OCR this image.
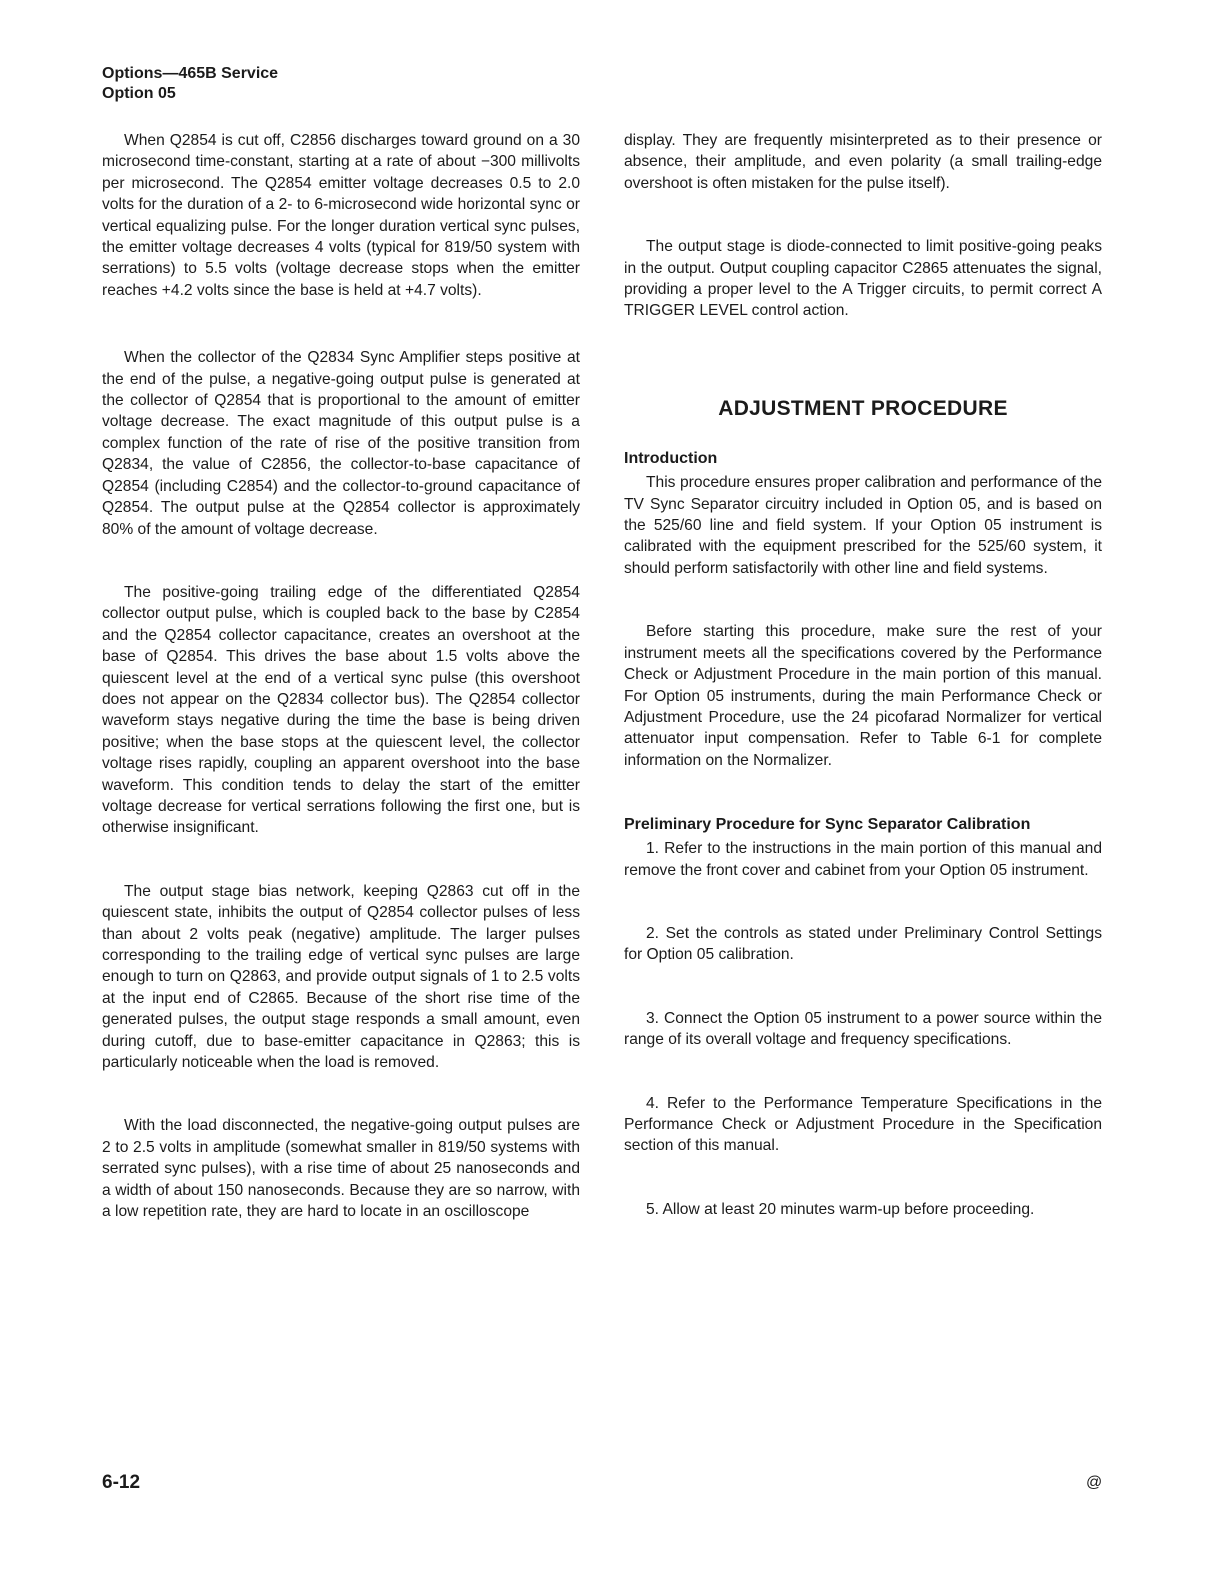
Options—465B Service
Option 05

When Q2854 is cut off, C2856 discharges toward ground on a 30 microsecond time-constant, starting at a rate of about −300 millivolts per microsecond. The Q2854 emitter voltage decreases 0.5 to 2.0 volts for the duration of a 2- to 6-microsecond wide horizontal sync or vertical equalizing pulse. For the longer duration vertical sync pulses, the emitter voltage decreases 4 volts (typical for 819/50 system with serrations) to 5.5 volts (voltage decrease stops when the emitter reaches +4.2 volts since the base is held at +4.7 volts).

When the collector of the Q2834 Sync Amplifier steps positive at the end of the pulse, a negative-going output pulse is generated at the collector of Q2854 that is proportional to the amount of emitter voltage decrease. The exact magnitude of this output pulse is a complex function of the rate of rise of the positive transition from Q2834, the value of C2856, the collector-to-base capacitance of Q2854 (including C2854) and the collector-to-ground capacitance of Q2854. The output pulse at the Q2854 collector is approximately 80% of the amount of voltage decrease.

The positive-going trailing edge of the differentiated Q2854 collector output pulse, which is coupled back to the base by C2854 and the Q2854 collector capacitance, creates an overshoot at the base of Q2854. This drives the base about 1.5 volts above the quiescent level at the end of a vertical sync pulse (this overshoot does not appear on the Q2834 collector bus). The Q2854 collector waveform stays negative during the time the base is being driven positive; when the base stops at the quiescent level, the collector voltage rises rapidly, coupling an apparent overshoot into the base waveform. This condition tends to delay the start of the emitter voltage decrease for vertical serrations following the first one, but is otherwise insignificant.

The output stage bias network, keeping Q2863 cut off in the quiescent state, inhibits the output of Q2854 collector pulses of less than about 2 volts peak (negative) amplitude. The larger pulses corresponding to the trailing edge of vertical sync pulses are large enough to turn on Q2863, and provide output signals of 1 to 2.5 volts at the input end of C2865. Because of the short rise time of the generated pulses, the output stage responds a small amount, even during cutoff, due to base-emitter capacitance in Q2863; this is particularly noticeable when the load is removed.

With the load disconnected, the negative-going output pulses are 2 to 2.5 volts in amplitude (somewhat smaller in 819/50 systems with serrated sync pulses), with a rise time of about 25 nanoseconds and a width of about 150 nanoseconds. Because they are so narrow, with a low repetition rate, they are hard to locate in an oscilloscope

display. They are frequently misinterpreted as to their presence or absence, their amplitude, and even polarity (a small trailing-edge overshoot is often mistaken for the pulse itself).

The output stage is diode-connected to limit positive-going peaks in the output. Output coupling capacitor C2865 attenuates the signal, providing a proper level to the A Trigger circuits, to permit correct A TRIGGER LEVEL control action.

ADJUSTMENT PROCEDURE
Introduction

This procedure ensures proper calibration and performance of the TV Sync Separator circuitry included in Option 05, and is based on the 525/60 line and field system. If your Option 05 instrument is calibrated with the equipment prescribed for the 525/60 system, it should perform satisfactorily with other line and field systems.

Before starting this procedure, make sure the rest of your instrument meets all the specifications covered by the Performance Check or Adjustment Procedure in the main portion of this manual. For Option 05 instruments, during the main Performance Check or Adjustment Procedure, use the 24 picofarad Normalizer for vertical attenuator input compensation. Refer to Table 6-1 for complete information on the Normalizer.

Preliminary Procedure for Sync Separator Calibration

1. Refer to the instructions in the main portion of this manual and remove the front cover and cabinet from your Option 05 instrument.

2. Set the controls as stated under Preliminary Control Settings for Option 05 calibration.

3. Connect the Option 05 instrument to a power source within the range of its overall voltage and frequency specifications.

4. Refer to the Performance Temperature Specifications in the Performance Check or Adjustment Procedure in the Specification section of this manual.

5. Allow at least 20 minutes warm-up before proceeding.

6-12	@
